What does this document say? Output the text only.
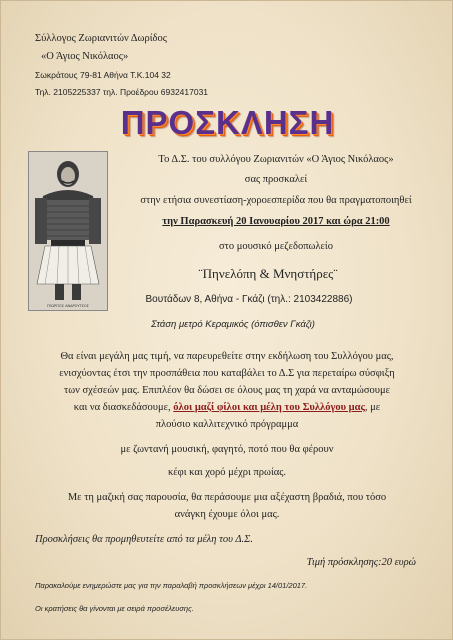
Σύλλογος Ζωριανιτών Δωρίδος
«Ο Άγιος Νικόλαος»
Σωκράτους 79-81 Αθήνα Τ.Κ.104 32
Τηλ. 2105225337 τηλ. Προέδρου 6932417031
ΠΡΟΣΚΛΗΣΗ
ΓΕΩΡΓΙΟΣ ΑΝΔΡΟΥΤΣΟΣ
Το Δ.Σ. του συλλόγου Ζωριανιτών «Ο Άγιος Νικόλαος»
σας προσκαλεί
στην ετήσια συνεστίαση-χοροεσπερίδα που θα πραγματοποιηθεί
την Παρασκευή 20 Ιανουαρίου 2017 και ώρα 21:00
στο μουσικό μεζεδοπωλείο
¨Πηνελόπη & Μνηστήρες¨
Βουτάδων 8, Αθήνα - Γκάζι (τηλ.: 2103422886)
Στάση μετρό Κεραμικός (όπισθεν Γκάζι)
Θα είναι μεγάλη μας τιμή, να παρευρεθείτε στην εκδήλωση του Συλλόγου μας,
ενισχύοντας έτσι την προσπάθεια που καταβάλει το Δ.Σ για περεταίρω σύσφιξη
των σχέσεών μας. Επιπλέον θα δώσει σε όλους μας τη χαρά να ανταμώσουμε
και να διασκεδάσουμε, όλοι μαζί φίλοι και μέλη του Συλλόγου μας, με
πλούσιο καλλιτεχνικό πρόγραμμα
με ζωντανή μουσική, φαγητό, ποτό που θα φέρουν
κέφι και χορό μέχρι πρωίας.
Με τη μαζική σας παρουσία, θα περάσουμε μια αξέχαστη βραδιά, που τόσο
ανάγκη έχουμε όλοι μας.
Προσκλήσεις θα προμηθευτείτε από τα μέλη του Δ.Σ.
Τιμή πρόσκλησης:20 ευρώ
Παρακαλούμε ενημερώστε μας για την παραλαβή προσκλήσεων μέχρι 14/01/2017.
Οι κρατήσεις θα γίνονται με σειρά προσέλευσης.
